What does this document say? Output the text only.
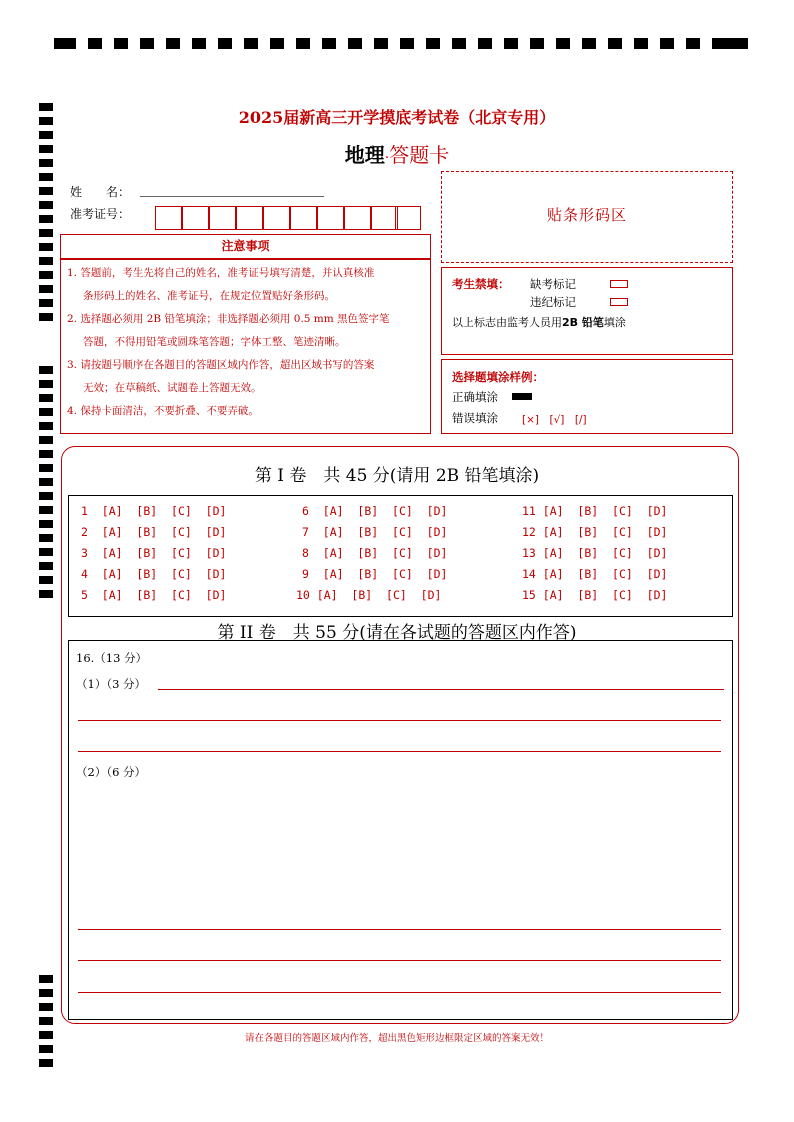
2025届新高三开学摸底考试卷（北京专用）
地理·答题卡
姓　　名：
准考证号：	贴条形码区
注意事项
1. 答题前，考生先将自己的姓名，准考证号填写清楚，并认真核准
条形码上的姓名、准考证号，在规定位置贴好条形码。
2. 选择题必须用 2B 铅笔填涂；非选择题必须用 0.5 mm 黑色签字笔
答题，不得用铅笔或圆珠笔答题；字体工整、笔迹清晰。
3. 请按题号顺序在各题目的答题区域内作答，超出区域书写的答案
无效；在草稿纸、试题卷上答题无效。
4. 保持卡面清洁，不要折叠、不要弄破。
考生禁填： 缺考标记
违纪标记
以上标志由监考人员用2B 铅笔填涂
选择题填涂样例：
正确填涂
错误填涂 [×]　[√]　[/]
第 I 卷　共 45 分(请用 2B 铅笔填涂)
1 [A]  [B]  [C]  [D]
2 [A]  [B]  [C]  [D]
3 [A]  [B]  [C]  [D]
4 [A]  [B]  [C]  [D]
5 [A]  [B]  [C]  [D]
6 [A]  [B]  [C]  [D]
7 [A]  [B]  [C]  [D]
8 [A]  [B]  [C]  [D]
9 [A]  [B]  [C]  [D]
10 [A]  [B]  [C]  [D]
11 [A]  [B]  [C]  [D]
12 [A]  [B]  [C]  [D]
13 [A]  [B]  [C]  [D]
14 [A]  [B]  [C]  [D]
15 [A]  [B]  [C]  [D]
第 II 卷　共 55 分(请在各试题的答题区内作答)
16.（13 分）
（1）（3 分）
（2）（6 分）
请在各题目的答题区域内作答，超出黑色矩形边框限定区域的答案无效！
